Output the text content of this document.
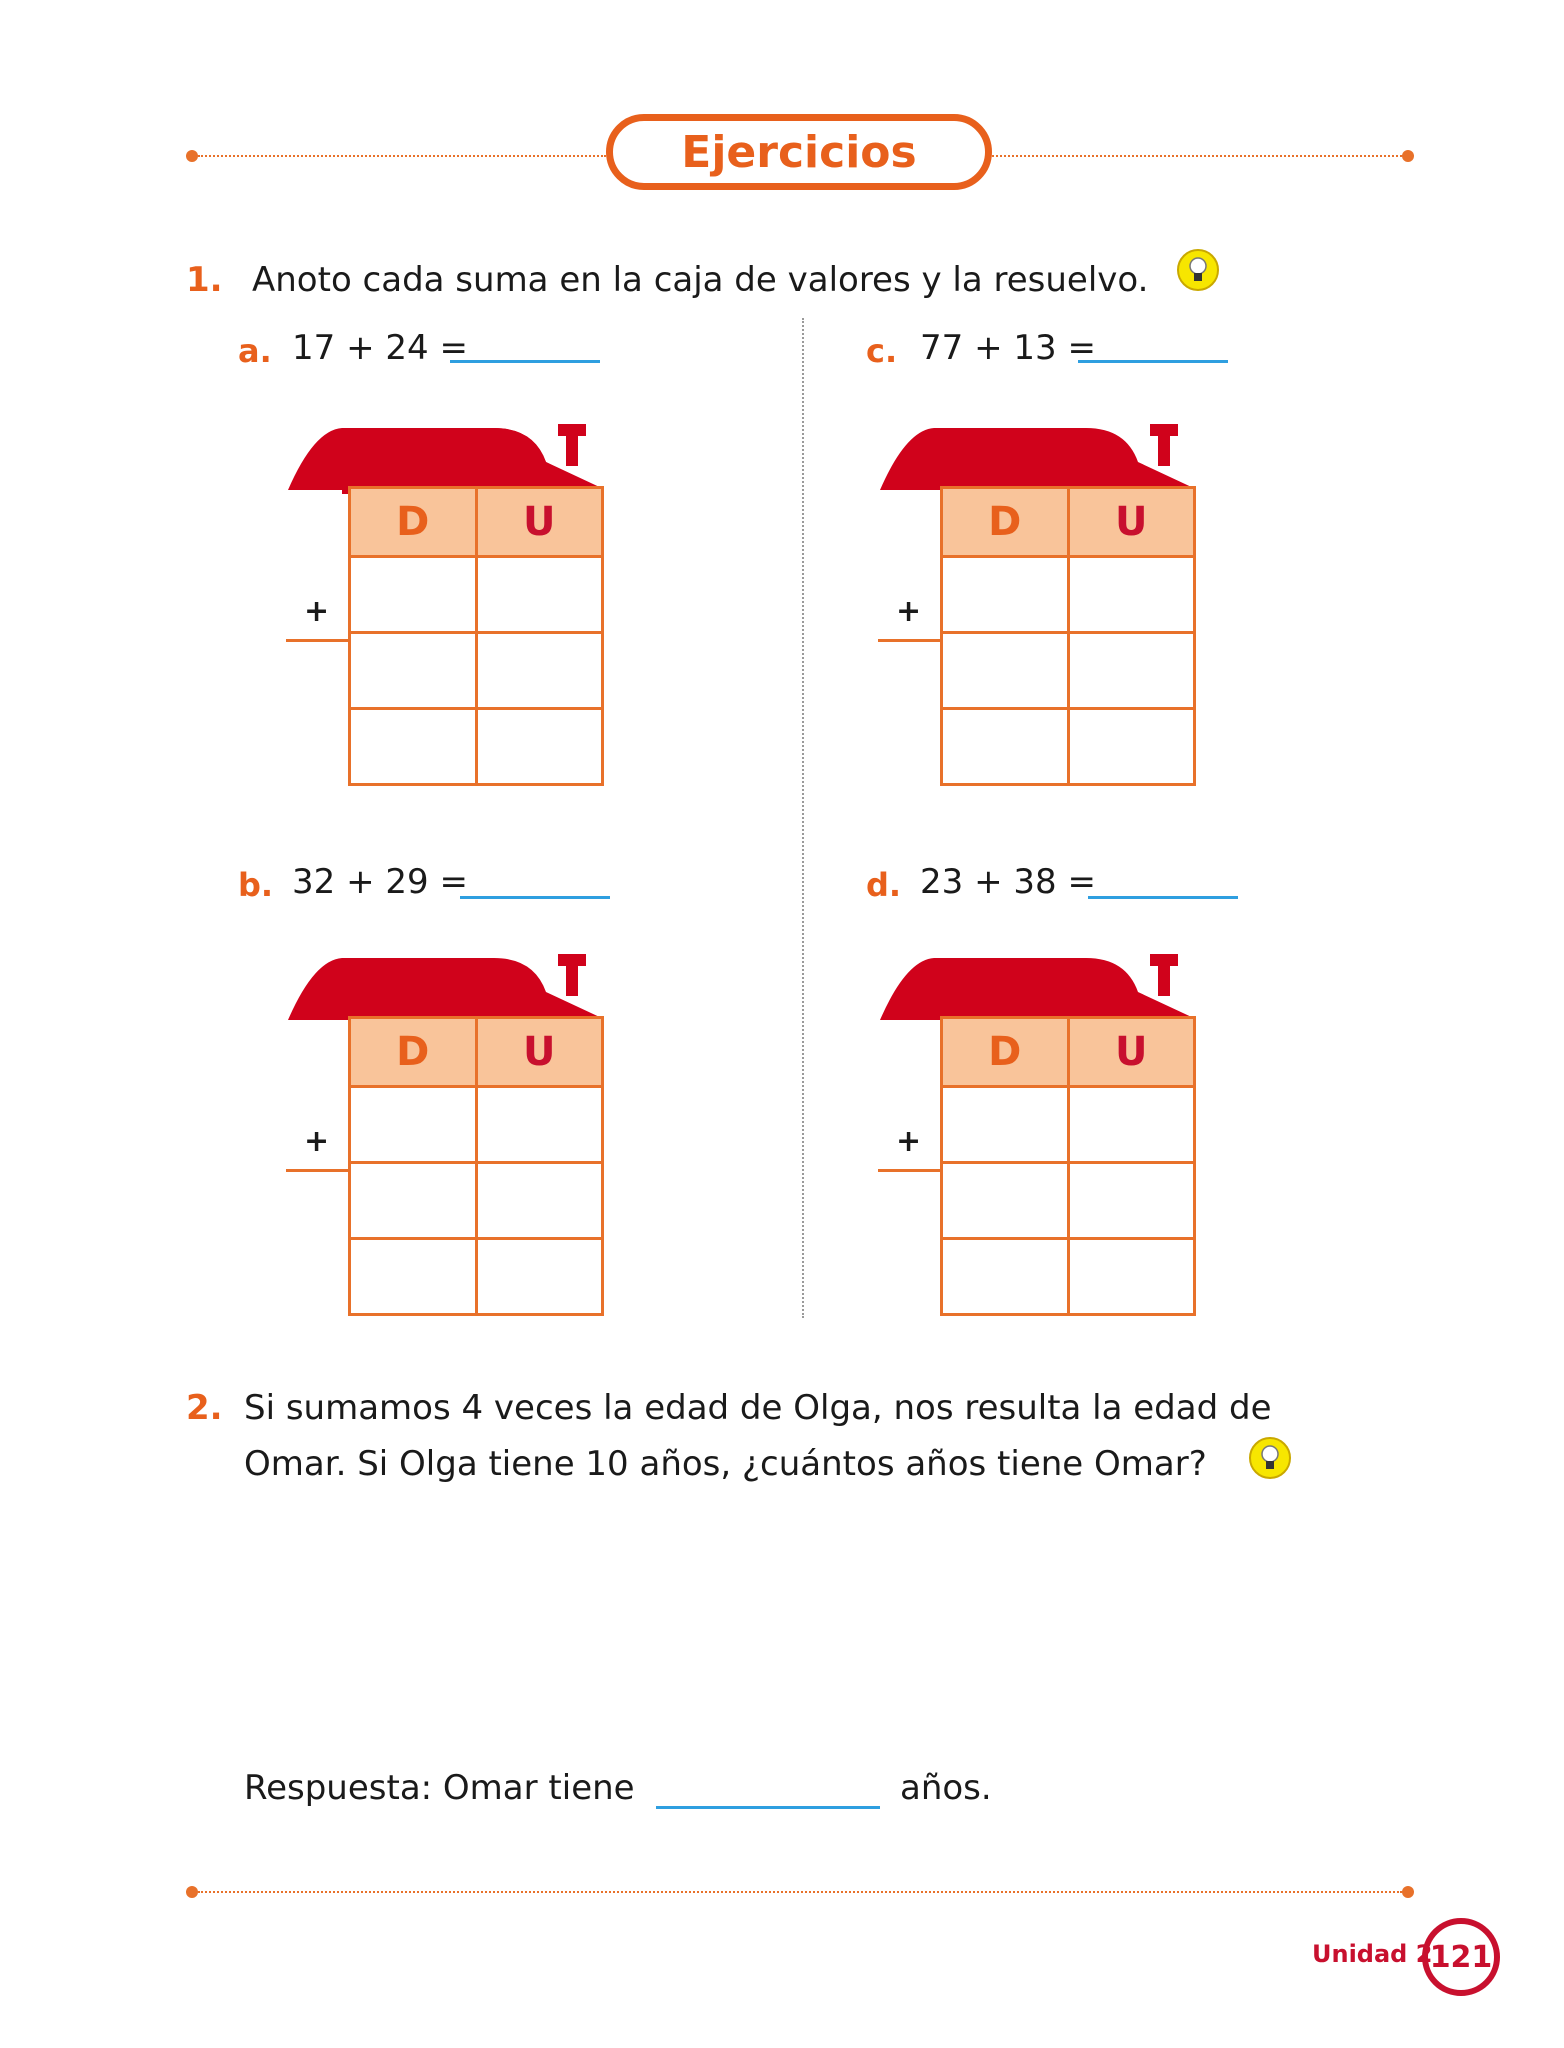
Ejercicios
1. Anoto cada suma en la caja de valores y la resuelvo.
a. 17 + 24 =	c. 77 + 13 =
b. 32 + 29 =	d. 23 + 38 =
D	U

+
D	U

+
D	U

+
D	U

+
2. Si sumamos 4 veces la edad de Olga, nos resulta la edad de
Omar. Si Olga tiene 10 años, ¿cuántos años tiene Omar?
Respuesta: Omar tiene	años.
Unidad 2
121
